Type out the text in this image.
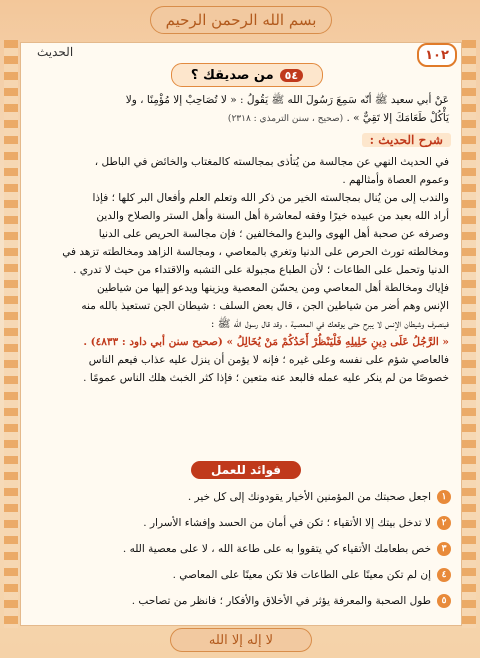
بسم الله الرحمن الرحيم
١٠٢
الحديث
٥٤
من صديقك ؟
عَنْ أبي سعيد ﷺ أنّه سَمِعَ رَسُولَ الله ﷺ يَقُولُ : « لا تُصَاحِبْ إلا مُؤْمِنًا ، ولا
يَأْكُلْ طَعَامَكَ إلا تَقِيٌّ » . (صحيح ، سنن الترمذي : ٢٣١٨)
شرح الحديث :
في الحديث النهي عن مجالسة من يُتأذى بمجالسته كالمغتاب والخائض في الباطل ،
وعموم العصاة وأمثالهم .
والندب إلى من يُنال بمجالسته الخير من ذكر الله وتعلم العلم وأفعال البر كلها ؛ فإذا
أراد الله بعبد من عبيده خيرًا وفقه لمعاشرة أهل السنة وأهل الستر والصلاح والدين
وصرفه عن صحبة أهل الهوى والبدع والمخالفين ؛ فإن مجالسة الحريص على الدنيا
ومخالطته تورث الحرص على الدنيا وتغري بالمعاصي ، ومجالسة الزاهد ومخالطته تزهد في
الدنيا وتحمل على الطاعات ؛ لأن الطباع مجبولة على التشبه والاقتداء من حيث لا تدري .
فإياك ومخالطة أهل المعاصي ومن يحسّن المعصية ويزينها ويدعو إليها من شياطين
الإنس وهم أضر من شياطين الجن ، قال بعض السلف : شيطان الجن تستعيذ بالله منه
فينصرف وشيطان الإنس لا يبرح حتى يوقعك في المعصية ، وقد قال رسول الله ﷺ :
« الرَّجُلُ عَلَى دِينِ خَلِيلِهِ فَلْيَنْظُرْ أَحَدُكُمْ مَنْ يُخَالِلُ » (صحيح سنن أبي داود : ٤٨٣٣) .
فالعاصي شؤم على نفسه وعلى غيره ؛ فإنه لا يؤمن أن ينزل عليه عذاب فيعم الناس
خصوصًا من لم ينكر عليه عمله فالبعد عنه متعين ؛ فإذا كثر الخبث هلك الناس عمومًا .
فوائد للعمل
١
اجعل صحبتك من المؤمنين الأخيار يقودونك إلى كل خير .
٢
لا تدخل بيتك إلا الأتقياء ؛ تكن في أمان من الحسد وإفشاء الأسرار .
٣
خص بطعامك الأتقياء كي يتقووا به على طاعة الله ، لا على معصية الله .
٤
إن لم تكن معينًا على الطاعات فلا تكن معينًا على المعاصي .
٥
طول الصحبة والمعرفة يؤثر في الأخلاق والأفكار ؛ فانظر من تصاحب .
لا إله إلا الله
